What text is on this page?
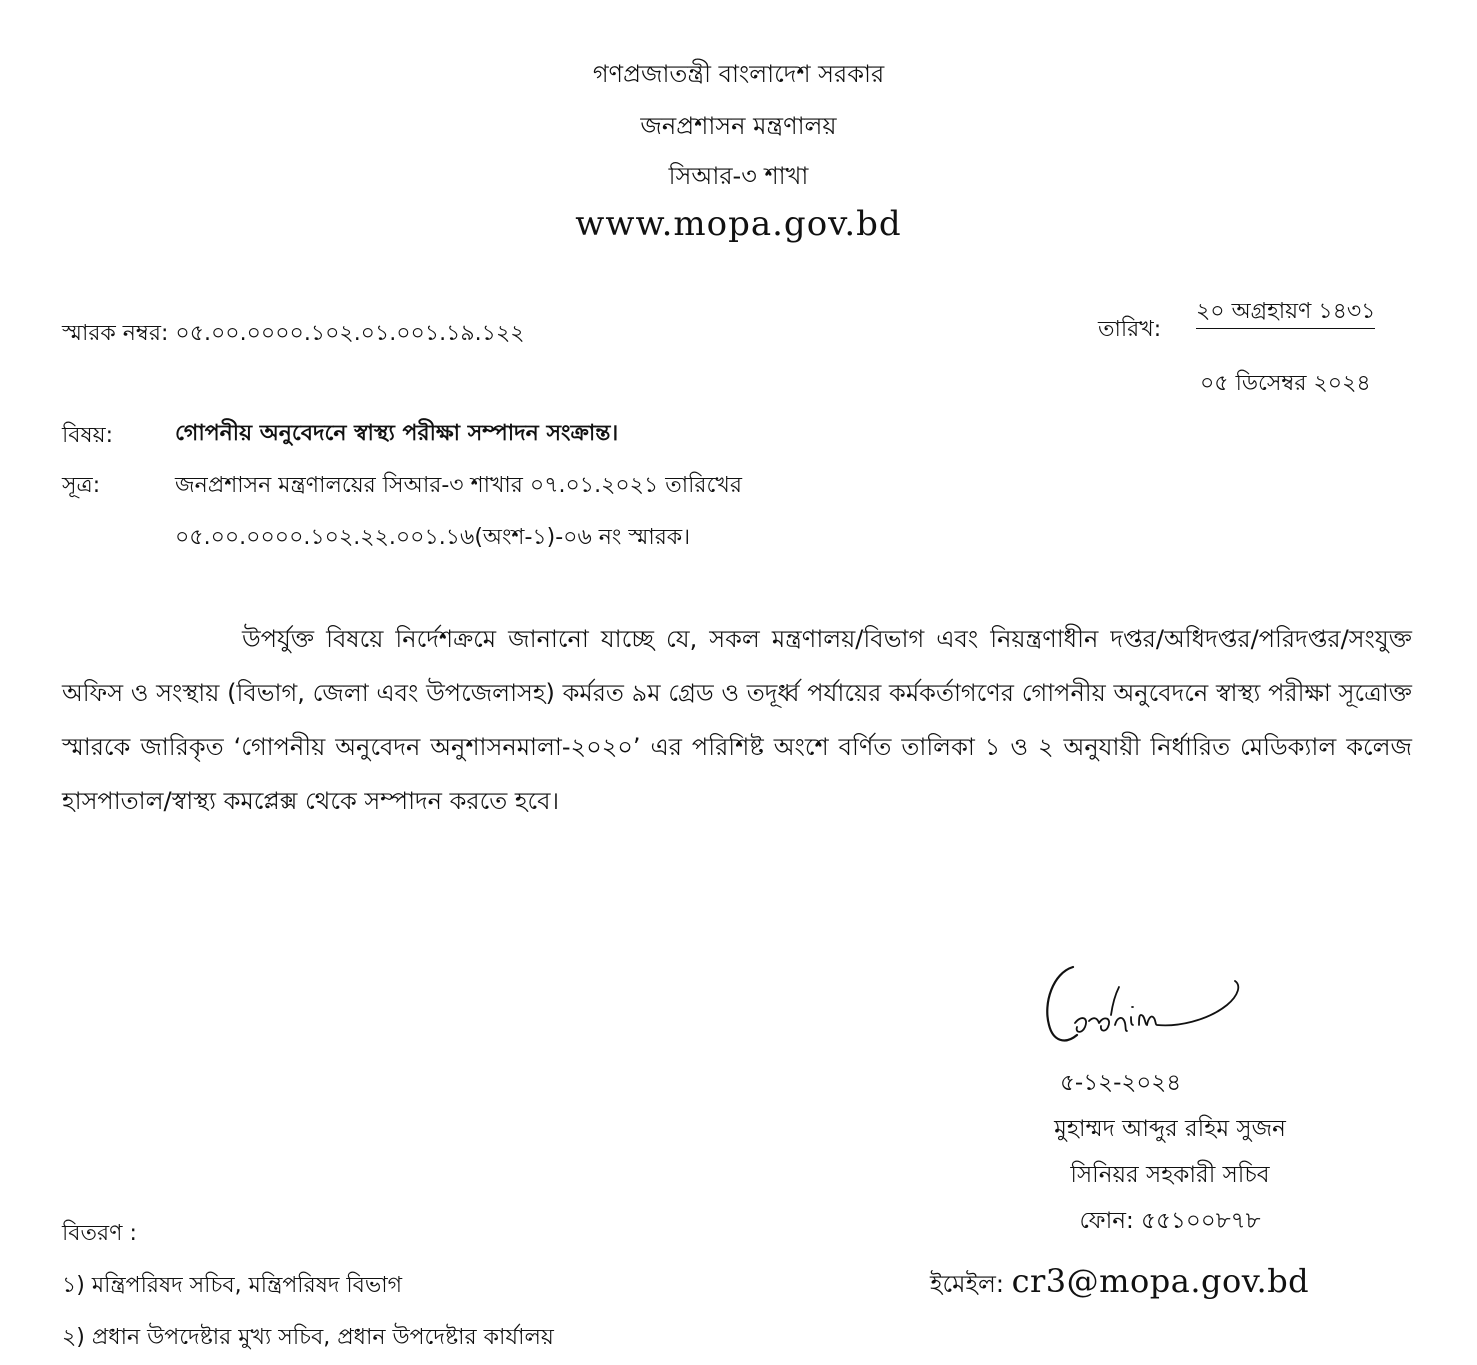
গণপ্রজাতন্ত্রী বাংলাদেশ সরকার
জনপ্রশাসন মন্ত্রণালয়
সিআর-৩ শাখা
www.mopa.gov.bd
স্মারক নম্বর: ০৫.০০.০০০০.১০২.০১.০০১.১৯.১২২	তারিখ:
২০ অগ্রহায়ণ ১৪৩১
০৫ ডিসেম্বর ২০২৪
বিষয়:	গোপনীয় অনুবেদনে স্বাস্থ্য পরীক্ষা সম্পাদন সংক্রান্ত।
সূত্র:	জনপ্রশাসন মন্ত্রণালয়ের সিআর-৩ শাখার ০৭.০১.২০২১ তারিখের
০৫.০০.০০০০.১০২.২২.০০১.১৬(অংশ-১)-০৬ নং স্মারক।
উপর্যুক্ত বিষয়ে নির্দেশক্রমে জানানো যাচ্ছে যে, সকল মন্ত্রণালয়/বিভাগ এবং নিয়ন্ত্রণাধীন দপ্তর/অধিদপ্তর/পরিদপ্তর/সংযুক্ত অফিস ও সংস্থায় (বিভাগ, জেলা এবং উপজেলাসহ) কর্মরত ৯ম গ্রেড ও তদূর্ধ্ব পর্যায়ের কর্মকর্তাগণের গোপনীয় অনুবেদনে স্বাস্থ্য পরীক্ষা সূত্রোক্ত স্মারকে জারিকৃত ‘গোপনীয় অনুবেদন অনুশাসনমালা-২০২০’ এর পরিশিষ্ট অংশে বর্ণিত তালিকা ১ ও ২ অনুযায়ী নির্ধারিত মেডিক্যাল কলেজ হাসপাতাল/স্বাস্থ্য কমপ্লেক্স থেকে সম্পাদন করতে হবে।
৫-১২-২০২৪
মুহাম্মদ আব্দুর রহিম সুজন
সিনিয়র সহকারী সচিব
ফোন: ৫৫১০০৮৭৮
ইমেইল: cr3@mopa.gov.bd
বিতরণ :
১) মন্ত্রিপরিষদ সচিব, মন্ত্রিপরিষদ বিভাগ
২) প্রধান উপদেষ্টার মুখ্য সচিব, প্রধান উপদেষ্টার কার্যালয়
